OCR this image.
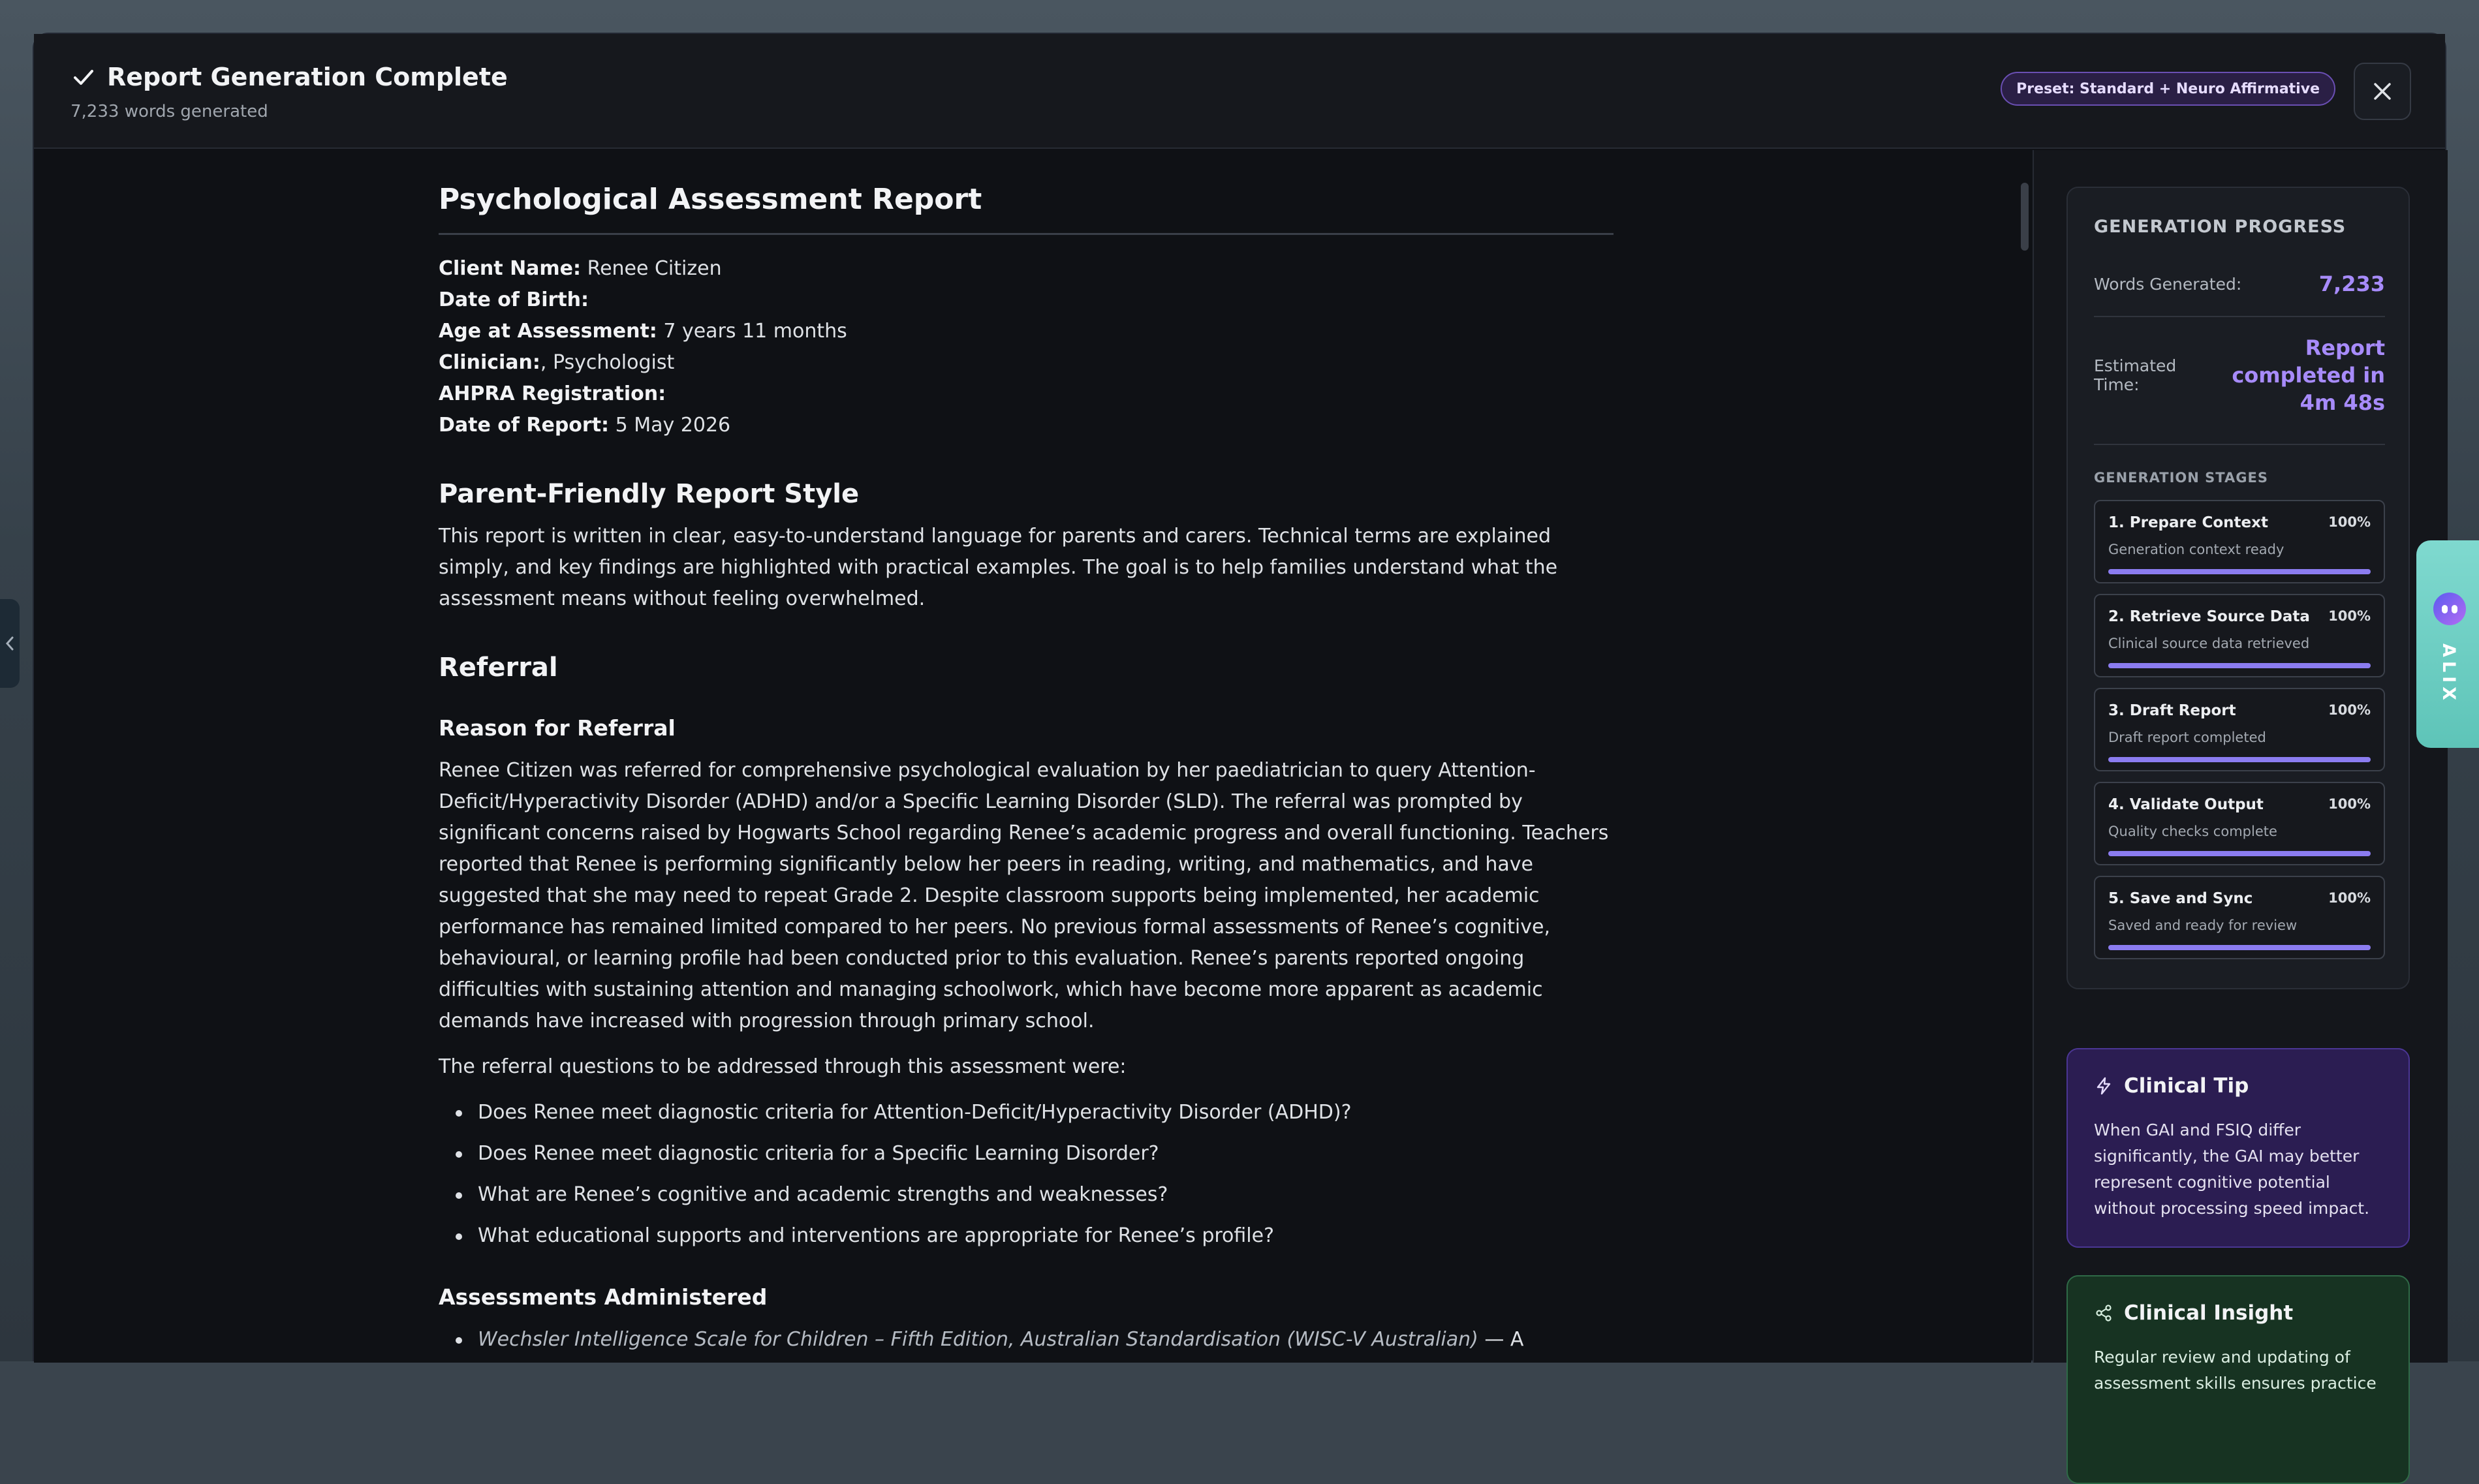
Report Generation Complete
7,233 words generated
Preset: Standard + Neuro Affirmative
Psychological Assessment Report
Client Name: Renee Citizen
Date of Birth:
Age at Assessment: 7 years 11 months
Clinician:, Psychologist
AHPRA Registration:
Date of Report: 5 May 2026
Parent-Friendly Report Style
This report is written in clear, easy-to-understand language for parents and carers. Technical terms are explained simply, and key findings are highlighted with practical examples. The goal is to help families understand what the assessment means without feeling overwhelmed.
Referral
Reason for Referral
Renee Citizen was referred for comprehensive psychological evaluation by her paediatrician to query Attention-Deficit/Hyperactivity Disorder (ADHD) and/or a Specific Learning Disorder (SLD). The referral was prompted by significant concerns raised by Hogwarts School regarding Renee’s academic progress and overall functioning. Teachers reported that Renee is performing significantly below her peers in reading, writing, and mathematics, and have suggested that she may need to repeat Grade 2. Despite classroom supports being implemented, her academic performance has remained limited compared to her peers. No previous formal assessments of Renee’s cognitive, behavioural, or learning profile had been conducted prior to this evaluation. Renee’s parents reported ongoing difficulties with sustaining attention and managing schoolwork, which have become more apparent as academic demands have increased with progression through primary school.
The referral questions to be addressed through this assessment were:
Does Renee meet diagnostic criteria for Attention-Deficit/Hyperactivity Disorder (ADHD)?
Does Renee meet diagnostic criteria for a Specific Learning Disorder?
What are Renee’s cognitive and academic strengths and weaknesses?
What educational supports and interventions are appropriate for Renee’s profile?
Assessments Administered
Wechsler Intelligence Scale for Children – Fifth Edition, Australian Standardisation (WISC-V Australian) — A
GENERATION PROGRESS
Words Generated:	7,233
Estimated Time:
Report completed in 4m 48s
GENERATION STAGES
1. Prepare Context	100%
Generation context ready
2. Retrieve Source Data 100%
Clinical source data retrieved
3. Draft Report	100%
Draft report completed
4. Validate Output	100%
Quality checks complete
5. Save and Sync	100%
Saved and ready for review
Clinical Tip
When GAI and FSIQ differ significantly, the GAI may better represent cognitive potential without processing speed impact.
Clinical Insight
Regular review and updating of assessment skills ensures practice
ALIX
